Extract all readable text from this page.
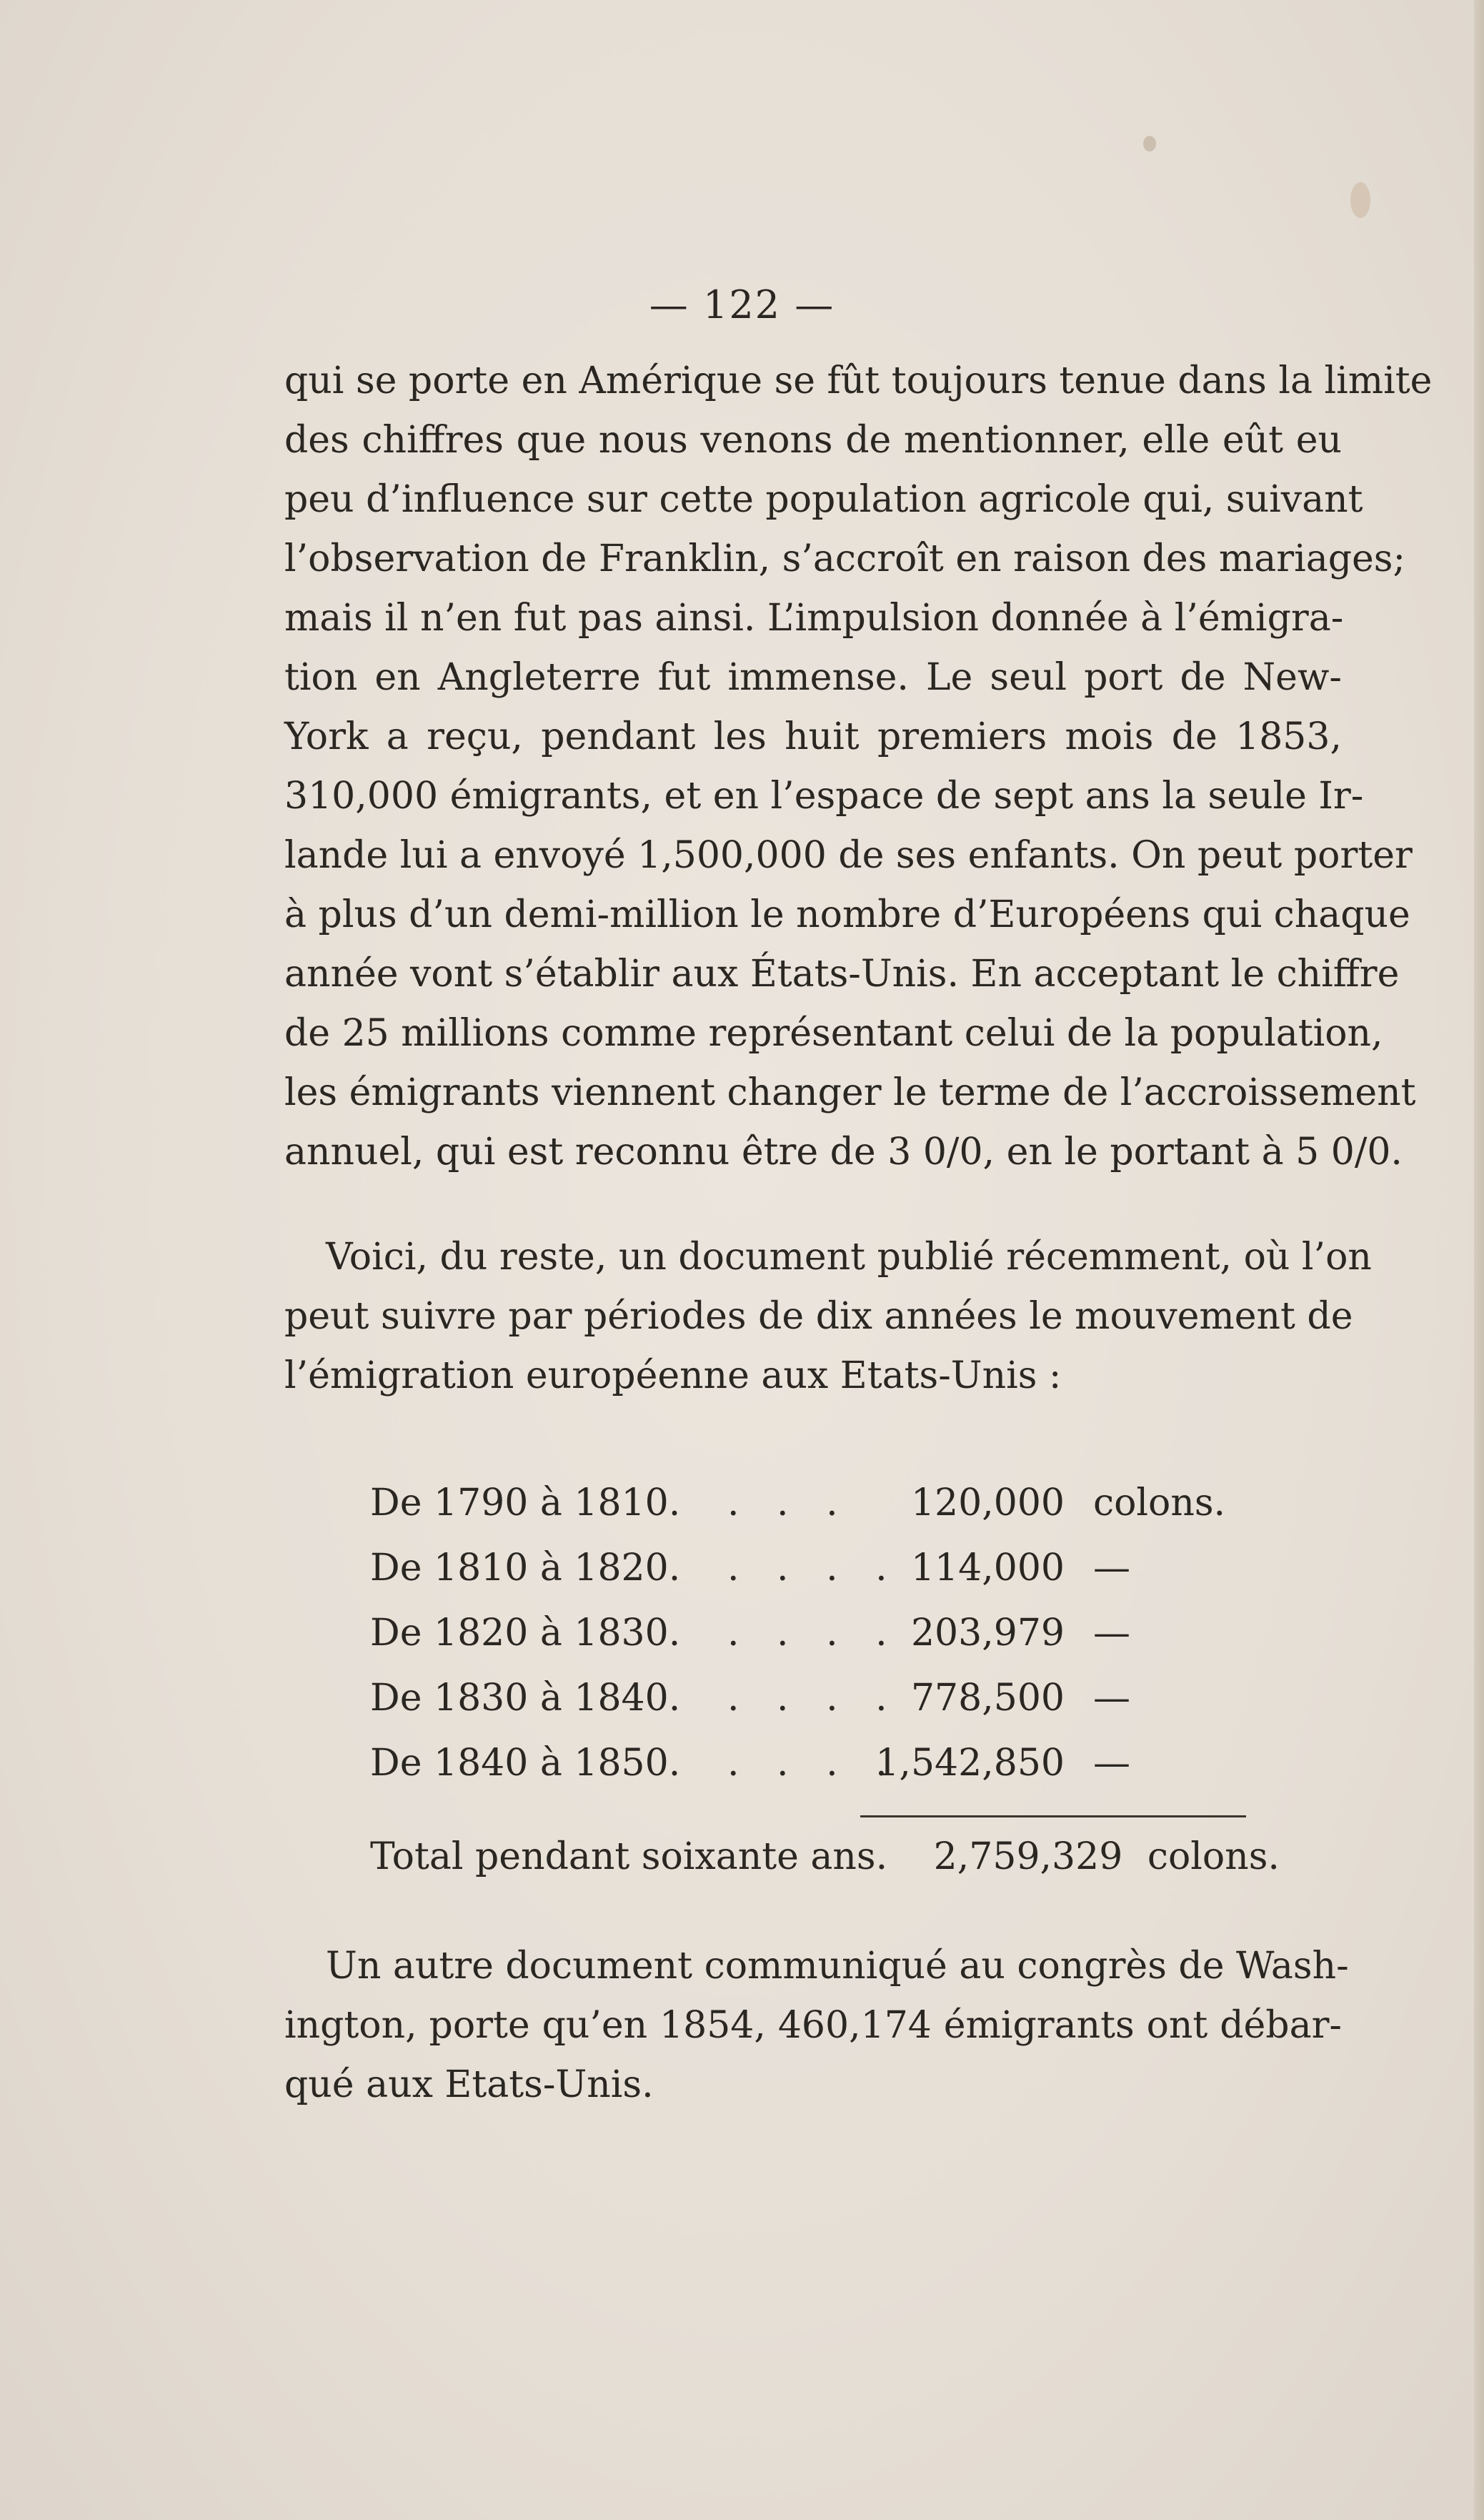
— 122 —
qui se porte en Amérique se fût toujours tenue dans la limite
des chiffres que nous venons de mentionner, elle eût eu
peu d’influence sur cette population agricole qui, suivant
l’observation de Franklin, s’accroît en raison des mariages;
mais il n’en fut pas ainsi. L’impulsion donnée à l’émigra-
tion en Angleterre fut immense. Le seul port de New-
York a reçu, pendant les huit premiers mois de 1853,
310,000 émigrants, et en l’espace de sept ans la seule Ir-
lande lui a envoyé 1,500,000 de ses enfants. On peut porter
à plus d’un demi-million le nombre d’Européens qui chaque
année vont s’établir aux États-Unis. En acceptant le chiffre
de 25 millions comme représentant celui de la population,
les émigrants viennent changer le terme de l’accroissement
annuel, qui est reconnu être de 3 0/0, en le portant à 5 0/0.
Voici, du reste, un document publié récemment, où l’on
peut suivre par périodes de dix années le mouvement de
l’émigration européenne aux Etats-Unis :
De 1790 à 1810. . . . 120,000 colons.
De 1810 à 1820. . . . . 114,000 —
De 1820 à 1830. . . . . 203,979 —
De 1830 à 1840. . . . . 778,500 —
De 1840 à 1850. . . . .
1,542,850 —
Total pendant soixante ans. 2,759,329 colons.
Un autre document communiqué au congrès de Wash-
ington, porte qu’en 1854, 460,174 émigrants ont débar-
qué aux Etats-Unis.
